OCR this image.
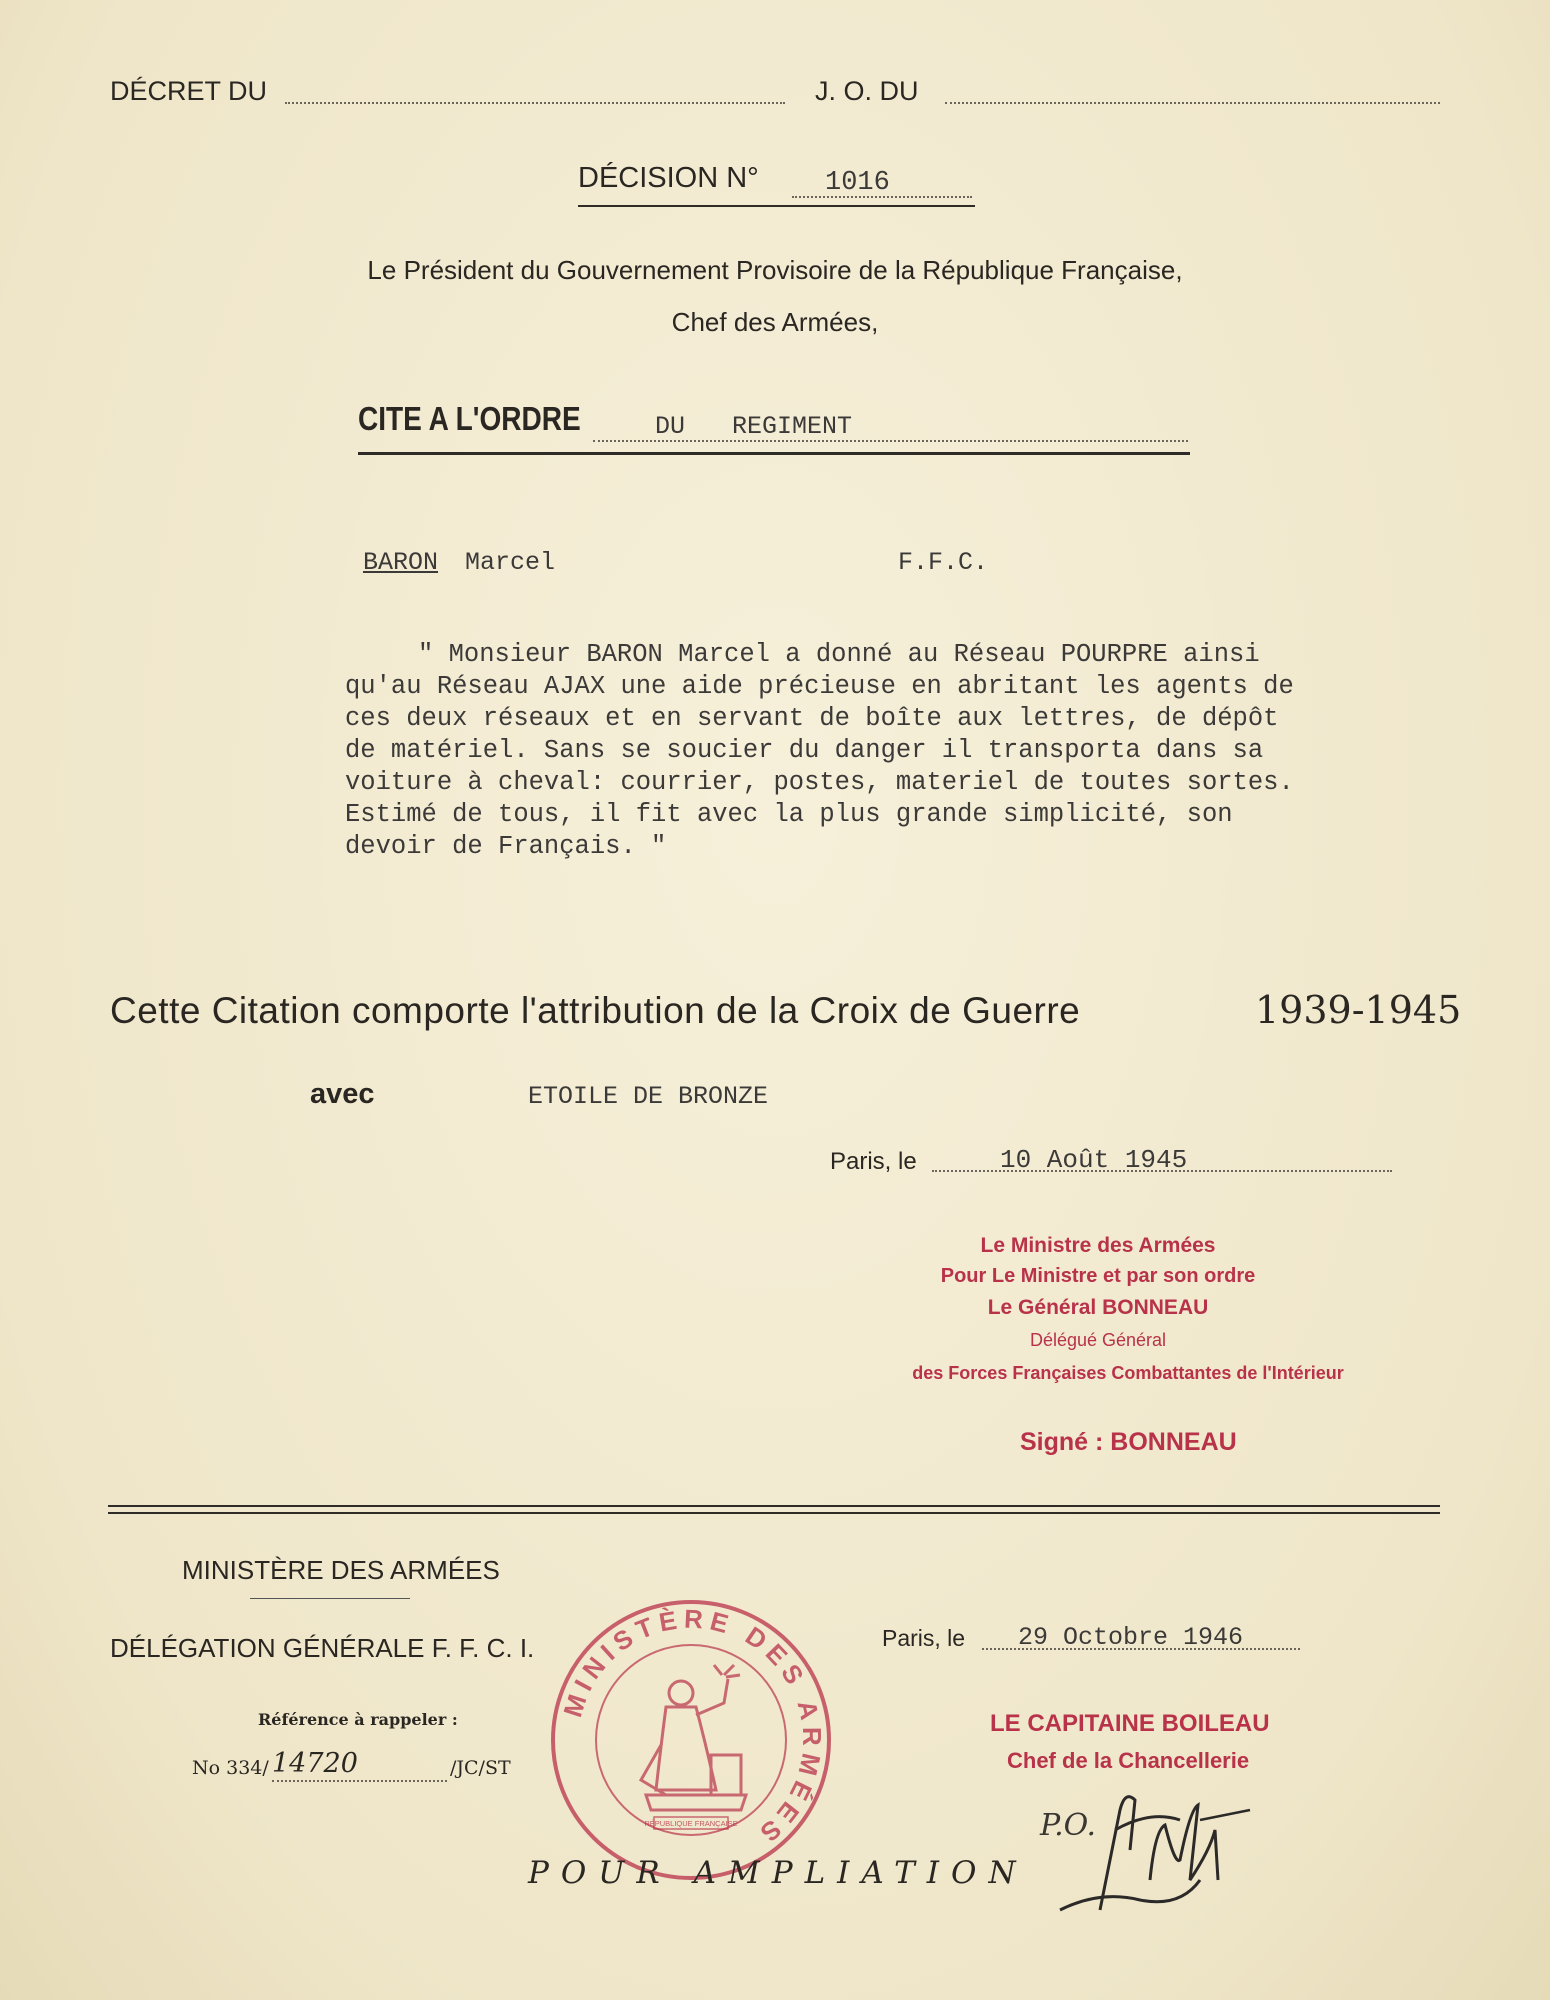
DÉCRET DU	J. O. DU
DÉCISION N° 1016
Le Président du Gouvernement Provisoire de la République Française,
Chef des Armées,
CITE A L'ORDRE	DU REGIMENT
BARON Marcel	F.F.C.
" Monsieur BARON Marcel a donné au Réseau POURPRE ainsi
qu'au Réseau AJAX une aide précieuse en abritant les agents de
ces deux réseaux et en servant de boîte aux lettres, de dépôt
de matériel. Sans se soucier du danger il transporta dans sa
voiture à cheval: courrier, postes, materiel de toutes sortes.
Estimé de tous, il fit avec la plus grande simplicité, son
devoir de Français. "
Cette Citation comporte l'attribution de la Croix de Guerre	1939-1945
avec	ETOILE DE BRONZE
Paris, le	10 Août 1945
Le Ministre des Armées
Pour Le Ministre et par son ordre
Le Général BONNEAU
Délégué Général
des Forces Françaises Combattantes de l'Intérieur
Signé : BONNEAU
MINISTÈRE DES ARMÉES
DÉLÉGATION GÉNÉRALE F. F. C. I.
Référence à rappeler :
No 334/ 14720	/JC/ST
MINISTÈRE DES ARMÉES
RÉPUBLIQUE FRANÇAISE
Paris, le 29 Octobre 1946
LE CAPITAINE BOILEAU
Chef de la Chancellerie
P.O.
POUR AMPLIATION
